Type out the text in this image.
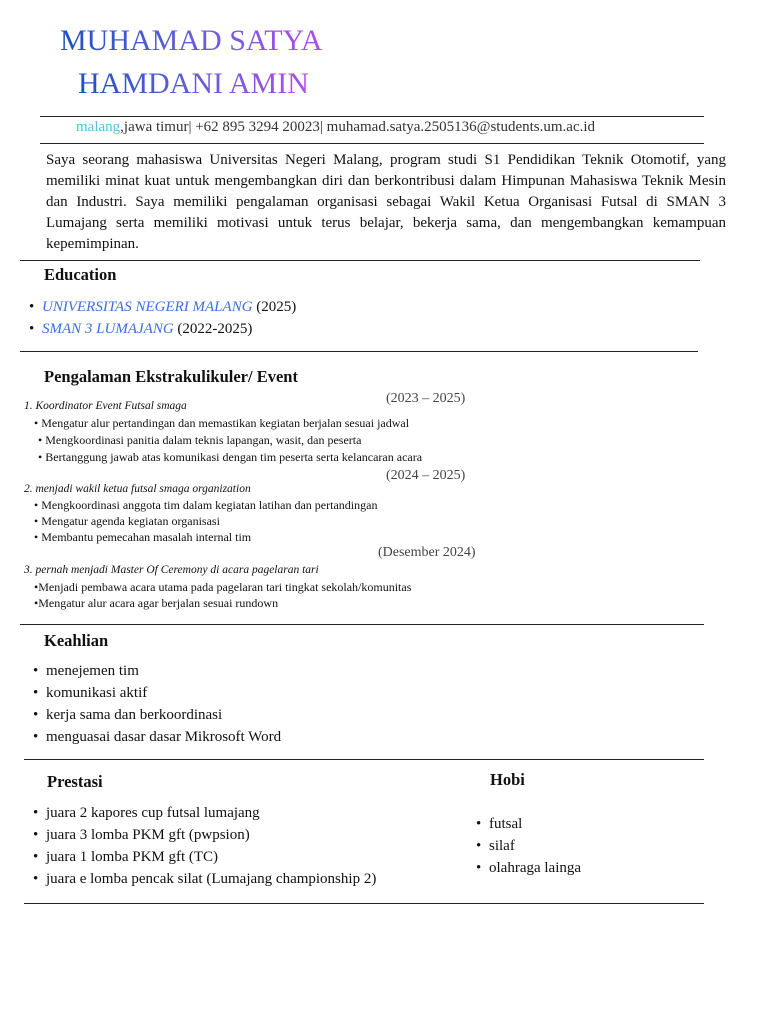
MUHAMAD SATYA
HAMDANI AMIN
malang,jawa timur| +62 895 3294 20023| muhamad.satya.2505136@students.um.ac.id
Saya seorang mahasiswa Universitas Negeri Malang, program studi S1 Pendidikan Teknik Otomotif, yang memiliki minat kuat untuk mengembangkan diri dan berkontribusi dalam Himpunan Mahasiswa Teknik Mesin dan Industri. Saya memiliki pengalaman organisasi sebagai Wakil Ketua Organisasi Futsal di SMAN 3 Lumajang serta memiliki motivasi untuk terus belajar, bekerja sama, dan mengembangkan kemampuan kepemimpinan.
Education
• UNIVERSITAS NEGERI MALANG (2025)
• SMAN 3 LUMAJANG (2022-2025)
Pengalaman Ekstrakulikuler/ Event
(2023 – 2025)
1. Koordinator Event Futsal smaga
• Mengatur alur pertandingan dan memastikan kegiatan berjalan sesuai jadwal
• Mengkoordinasi panitia dalam teknis lapangan, wasit, dan peserta
• Bertanggung jawab atas komunikasi dengan tim peserta serta kelancaran acara
(2024 – 2025)
2. menjadi wakil ketua futsal smaga organization
• Mengkoordinasi anggota tim dalam kegiatan latihan dan pertandingan
• Mengatur agenda kegiatan organisasi
• Membantu pemecahan masalah internal tim
(Desember 2024)
3. pernah menjadi Master Of Ceremony di acara pagelaran tari
•Menjadi pembawa acara utama pada pagelaran tari tingkat sekolah/komunitas
•Mengatur alur acara agar berjalan sesuai rundown
Keahlian
• menejemen tim
• komunikasi aktif
• kerja sama dan berkoordinasi
• menguasai dasar dasar Mikrosoft Word
Prestasi
• juara 2 kapores cup futsal lumajang
• juara 3 lomba PKM gft (pwpsion)
• juara 1 lomba PKM gft (TC)
• juara e lomba pencak silat (Lumajang championship 2)
Hobi
• futsal
• silaf
• olahraga lainga
